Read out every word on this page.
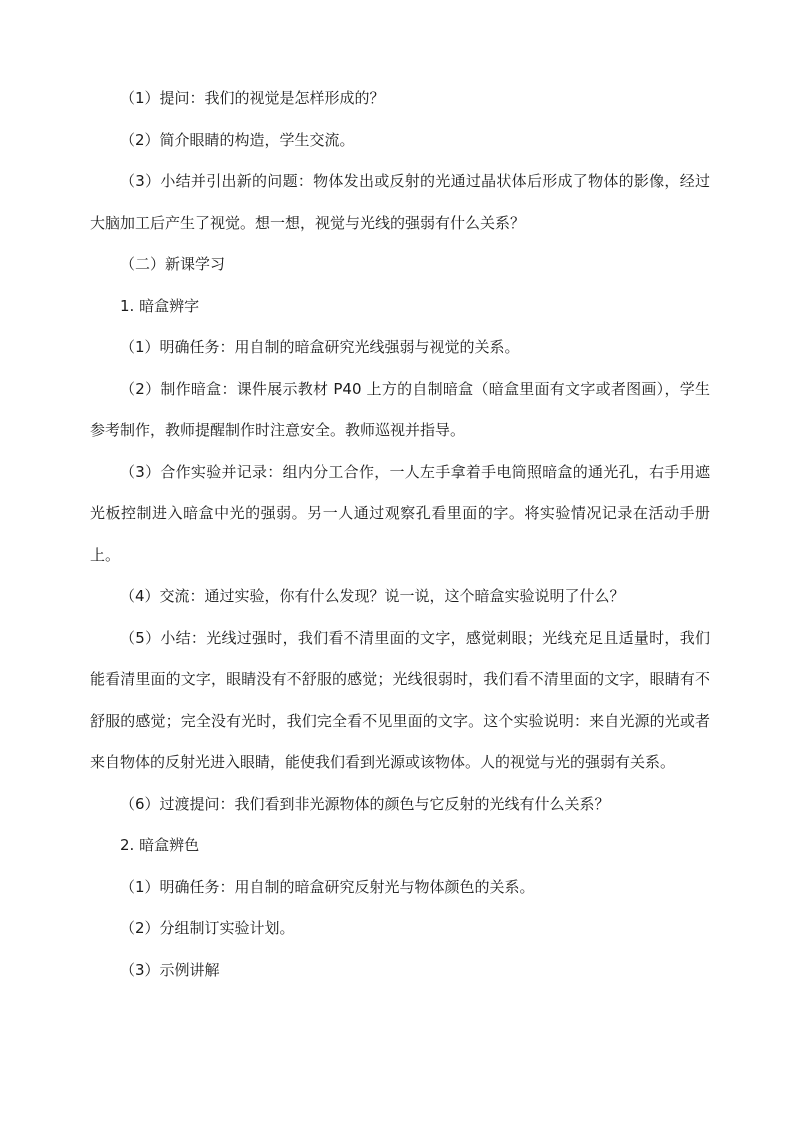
（1）提问：我们的视觉是怎样形成的？

（2）简介眼睛的构造，学生交流。

（3）小结并引出新的问题：物体发出或反射的光通过晶状体后形成了物体的影像，经过大脑加工后产生了视觉。想一想，视觉与光线的强弱有什么关系？

（二）新课学习

1. 暗盒辨字

（1）明确任务：用自制的暗盒研究光线强弱与视觉的关系。

（2）制作暗盒：课件展示教材 P40 上方的自制暗盒（暗盒里面有文字或者图画），学生参考制作，教师提醒制作时注意安全。教师巡视并指导。

（3）合作实验并记录：组内分工合作，一人左手拿着手电筒照暗盒的通光孔，右手用遮光板控制进入暗盒中光的强弱。另一人通过观察孔看里面的字。将实验情况记录在活动手册上。

（4）交流：通过实验，你有什么发现？说一说，这个暗盒实验说明了什么？

（5）小结：光线过强时，我们看不清里面的文字，感觉刺眼；光线充足且适量时，我们能看清里面的文字，眼睛没有不舒服的感觉；光线很弱时，我们看不清里面的文字，眼睛有不舒服的感觉；完全没有光时，我们完全看不见里面的文字。这个实验说明：来自光源的光或者来自物体的反射光进入眼睛，能使我们看到光源或该物体。人的视觉与光的强弱有关系。

（6）过渡提问：我们看到非光源物体的颜色与它反射的光线有什么关系？

2. 暗盒辨色

（1）明确任务：用自制的暗盒研究反射光与物体颜色的关系。

（2）分组制订实验计划。

（3）示例讲解
